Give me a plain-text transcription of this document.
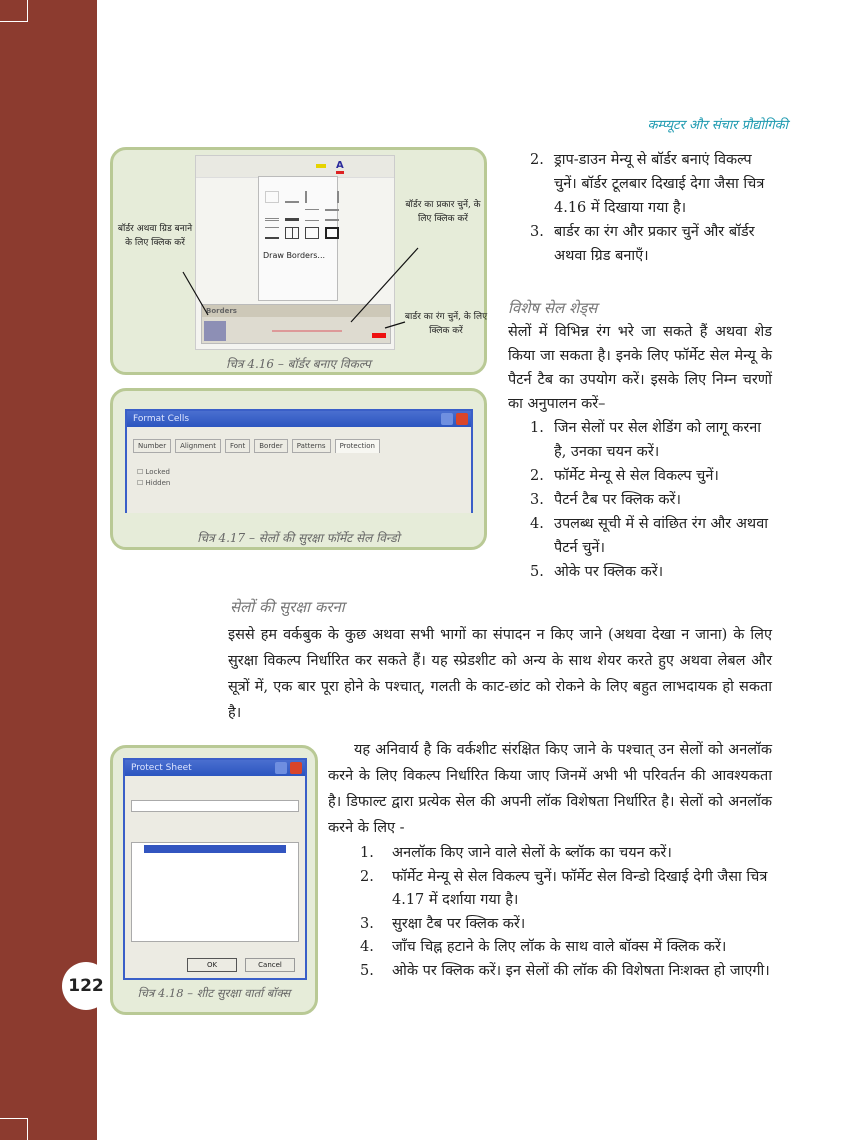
कम्प्यूटर और संचार प्रौद्योगिकी
A
Draw Borders...
Borders
बॉर्डर अथवा ग्रिड बनाने के लिए क्लिक करें
बॉर्डर का प्रकार चुनें, के लिए क्लिक करें
बार्डर का रंग चुनें, के लिए क्लिक करें
चित्र 4.16 – बॉर्डर बनाए विकल्प
Format Cells
Number	Alignment	Font	Border	Patterns	Protection
☐ Locked
☐ Hidden
चित्र 4.17 – सेलों की सुरक्षा फॉर्मेट सेल विन्डो
2. ड्राप-डाउन मेन्यू से बॉर्डर बनाएं विकल्प चुनें। बॉर्डर टूलबार दिखाई देगा जैसा चित्र 4.16 में दिखाया गया है।
3. बार्डर का रंग और प्रकार चुनें और बॉर्डर अथवा ग्रिड बनाएँ।
विशेष सेल शेड्स

सेलों में विभिन्न रंग भरे जा सकते हैं अथवा शेड किया जा सकता है। इनके लिए फॉर्मेट सेल मेन्यू के पैटर्न टैब का उपयोग करें। इसके लिए निम्न चरणों का अनुपालन करें–

1. जिन सेलों पर सेल शेडिंग को लागू करना है, उनका चयन करें।
2. फॉर्मेट मेन्यू से सेल विकल्प चुनें।
3. पैटर्न टैब पर क्लिक करें।
4. उपलब्ध सूची में से वांछित रंग और अथवा पैटर्न चुनें।
5. ओके पर क्लिक करें।
सेलों की सुरक्षा करना

इससे हम वर्कबुक के कुछ अथवा सभी भागों का संपादन न किए जाने (अथवा देखा न जाना) के लिए सुरक्षा विकल्प निर्धारित कर सकते हैं। यह स्प्रेडशीट को अन्य के साथ शेयर करते हुए अथवा लेबल और सूत्रों में, एक बार पूरा होने के पश्चात्, गलती के काट-छांट को रोकने के लिए बहुत लाभदायक हो सकता है।

यह अनिवार्य है कि वर्कशीट संरक्षित किए जाने के पश्चात् उन सेलों को अनलॉक करने के लिए विकल्प निर्धारित किया जाए जिनमें अभी भी परिवर्तन की आवश्यकता है। डिफाल्ट द्वारा प्रत्येक सेल की अपनी लॉक विशेषता निर्धारित है। सेलों को अनलॉक करने के लिए -

1. अनलॉक किए जाने वाले सेलों के ब्लॉक का चयन करें।
2. फॉर्मेट मेन्यू से सेल विकल्प चुनें। फॉर्मेट सेल विन्डो दिखाई देगी जैसा चित्र 4.17 में दर्शाया गया है।
3. सुरक्षा टैब पर क्लिक करें।
4. जाँच चिह्न हटाने के लिए लॉक के साथ वाले बॉक्स में क्लिक करें।
5. ओके पर क्लिक करें। इन सेलों की लॉक की विशेषता निःशक्त हो जाएगी।
Protect Sheet
OK	Cancel
चित्र 4.18 – शीट सुरक्षा वार्ता बॉक्स
122
